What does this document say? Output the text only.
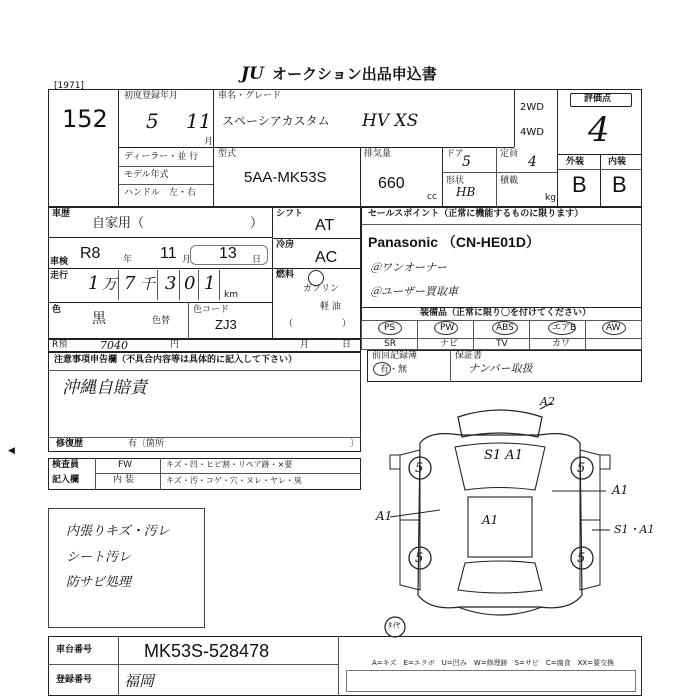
JU オークション出品申込書
[1971]
152
初度登録年月
5 11
月
ディーラー・並 行
モデル年式
ハンドル　左・右
車名・グレード
スペーシアカスタム HV XS
2WD
4WD
評価点
4
型式
5AA-MK53S
排気量
660
cc
ドア
5	定員 4
形状
HB
積載
kg
外装	内装
B B
車歴
自家用（	）
シフト
AT
冷房
AC
燃料
ガソリン
軽 油
（	）
車検 R8	年 11 月 13 日
走行 1 万 7 千 3 0 1
km
色
黒	色替
色コード
ZJ3
セールスポイント（正常に機能するものに限ります）
Panasonic （CN-HE01D）
＠ワンオーナー
＠ユーザー買取車
装備品（正常に限り〇を付けてください）
PS	PW	ABS	エアB	AW
SR	ナビ	TV	カワ
R預	7040	円	月	日
前回記録簿
有・無
保証書
ナンバー取扱
注意事項申告欄（不具合内容等は具体的に記入して下さい）
沖縄自賠責
修復歴	有〔箇所	〕
検査員
記入欄
FW
内 装
キズ・凹・ヒビ割・リペア跡・×要
キズ・汚・コゲ・穴・ヌレ・ヤレ・臭
内張りキズ・汚レ
シート汚レ
防サビ処理
5	5
5	5
A2
S1 A1
A1
A1	A1
S1・A1
ﾀｲﾔ
車台番号	MK53S-528478
登録番号 福岡
A=キズ　E=エクボ　U=凹み　W=修理跡　S=サビ　C=腐食　XX=要交換
◀
